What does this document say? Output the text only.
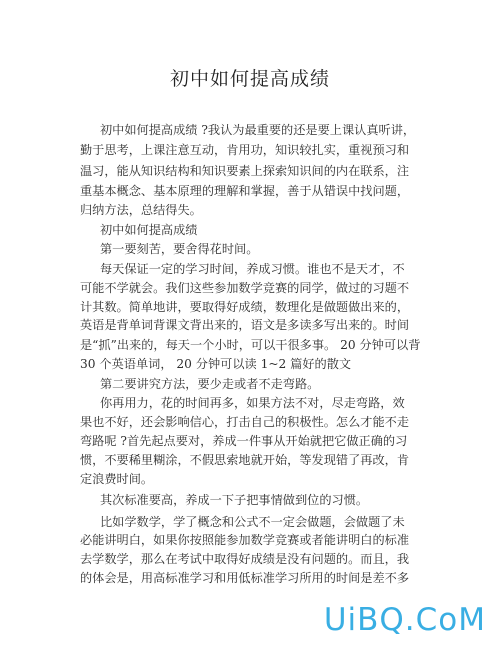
初中如何提高成绩
初中如何提高成绩 ?我认为最重要的还是要上课认真听讲，
勤于思考，上课注意互动，肯用功，知识较扎实，重视预习和
温习，能从知识结构和知识要素上探索知识间的内在联系，注
重基本概念、基本原理的理解和掌握，善于从错误中找问题，
归纳方法，总结得失。
初中如何提高成绩
第一要刻苦，要舍得花时间。
每天保证一定的学习时间，养成习惯。谁也不是天才，不
可能不学就会。我们这些参加数学竞赛的同学，做过的习题不
计其数。简单地讲，要取得好成绩，数理化是做题做出来的，
英语是背单词背课文背出来的，语文是多读多写出来的。时间
是“抓”出来的，每天一个小时，可以干很多事。 20 分钟可以背
30 个英语单词， 20 分钟可以读 1~2 篇好的散文
第二要讲究方法，要少走或者不走弯路。
你再用力，花的时间再多，如果方法不对，尽走弯路，效
果也不好，还会影响信心，打击自己的积极性。怎么才能不走
弯路呢 ?首先起点要对，养成一件事从开始就把它做正确的习
惯，不要稀里糊涂，不假思索地就开始，等发现错了再改，肯
定浪费时间。
其次标准要高，养成一下子把事情做到位的习惯。
比如学数学，学了概念和公式不一定会做题，会做题了未
必能讲明白，如果你按照能参加数学竞赛或者能讲明白的标准
去学数学，那么在考试中取得好成绩是没有问题的。而且，我
的体会是，用高标准学习和用低标准学习所用的时间是差不多
UiBQ.CoM
